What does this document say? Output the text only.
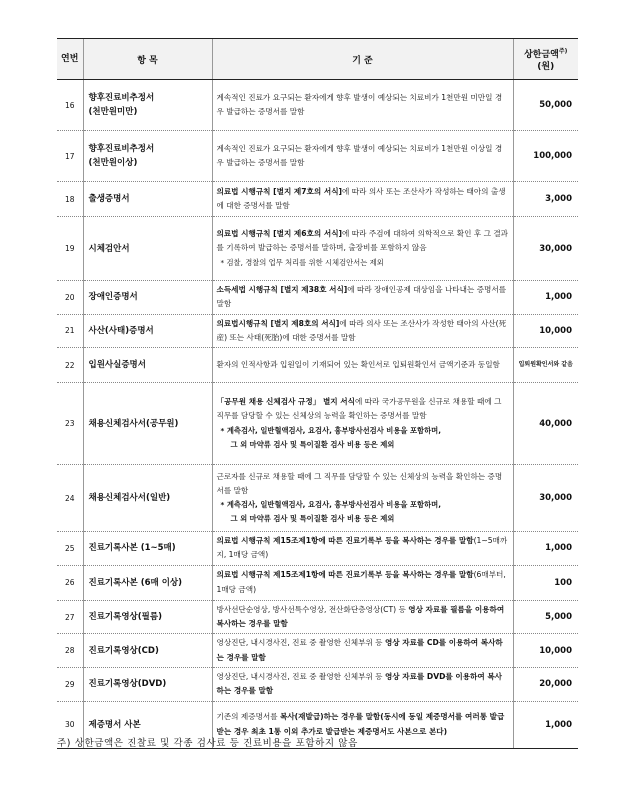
연번	항 목	기 준	상한금액$^{주)}$
(원)
16	향후진료비추정서
(천만원미만)	계속적인 진료가 요구되는 환자에게 향후 발생이 예상되는 치료비가 1천만원 미만일 경우 발급하는 증명서를 말함	50,000
17	향후진료비추정서
(천만원이상)	계속적인 진료가 요구되는 환자에게 향후 발생이 예상되는 치료비가 1천만원 이상일 경우 발급하는 증명서를 말함	100,000
18	출생증명서	의료법 시행규칙 [별지 제7호의 서식]에 따라 의사 또는 조산사가 작성하는 태아의 출생에 대한 증명서를 말함	3,000
19	시체검안서	의료법 시행규칙 [별지 제6호의 서식]에 따라 주검에 대하여 의학적으로 확인 후 그 결과를 기록하여 발급하는 증명서를 말하며, 출장비를 포함하지 않음
* 검찰, 경찰의 업무 처리를 위한 시체검안서는 제외	30,000
20	장애인증명서	소득세법 시행규칙 [별지 제38호 서식]에 따라 장애인공제 대상임을 나타내는 증명서를 말함	1,000
21	사산(사태)증명서	의료법시행규칙 [별지 제8호의 서식]에 따라 의사 또는 조산사가 작성한 태아의 사산(死産) 또는 사태(死胎)에 대한 증명서를 말함	10,000
22	입원사실증명서	환자의 인적사항과 입원일이 기재되어 있는 확인서로 입퇴원확인서 금액기준과 동일함	입퇴원확인서와 같음
23	채용신체검사서(공무원)	「공무원 채용 신체검사 규정」 별지 서식에 따라 국가공무원을 신규로 채용할 때에 그 직무를 담당할 수 있는 신체상의 능력을 확인하는 증명서를 말함
* 계측검사, 일반혈액검사, 요검사, 흉부방사선검사 비용을 포함하며,
그 외 마약류 검사 및 특이질환 검사 비용 등은 제외	40,000
24	채용신체검사서(일반)	근로자를 신규로 채용할 때에 그 직무를 담당할 수 있는 신체상의 능력을 확인하는 증명서를 말함
* 계측검사, 일반혈액검사, 요검사, 흉부방사선검사 비용을 포함하며,
그 외 마약류 검사 및 특이질환 검사 비용 등은 제외	30,000
25	진료기록사본 (1~5매)	의료법 시행규칙 제15조제1항에 따른 진료기록부 등을 복사하는 경우를 말함(1~5매까지, 1매당 금액)	1,000
26	진료기록사본 (6매 이상)	의료법 시행규칙 제15조제1항에 따른 진료기록부 등을 복사하는 경우를 말함(6매부터, 1매당 금액)	100
27	진료기록영상(필름)	방사선단순영상, 방사선특수영상, 전산화단층영상(CT) 등 영상 자료를 필름을 이용하여 복사하는 경우를 말함	5,000
28	진료기록영상(CD)	영상진단, 내시경사진, 진료 중 촬영한 신체부위 등 영상 자료를 CD를 이용하여 복사하는 경우를 말함	10,000
29	진료기록영상(DVD)	영상진단, 내시경사진, 진료 중 촬영한 신체부위 등 영상 자료를 DVD를 이용하여 복사하는 경우를 말함	20,000
30	제증명서 사본	기존의 제증명서를 복사(재발급)하는 경우를 말함(동시에 동일 제증명서를 여러통 발급받는 경우 최초 1통 이외 추가로 발급받는 제증명서도 사본으로 본다)	1,000
주) 상한금액은 진찰료 및 각종 검사료 등 진료비용을 포함하지 않음
